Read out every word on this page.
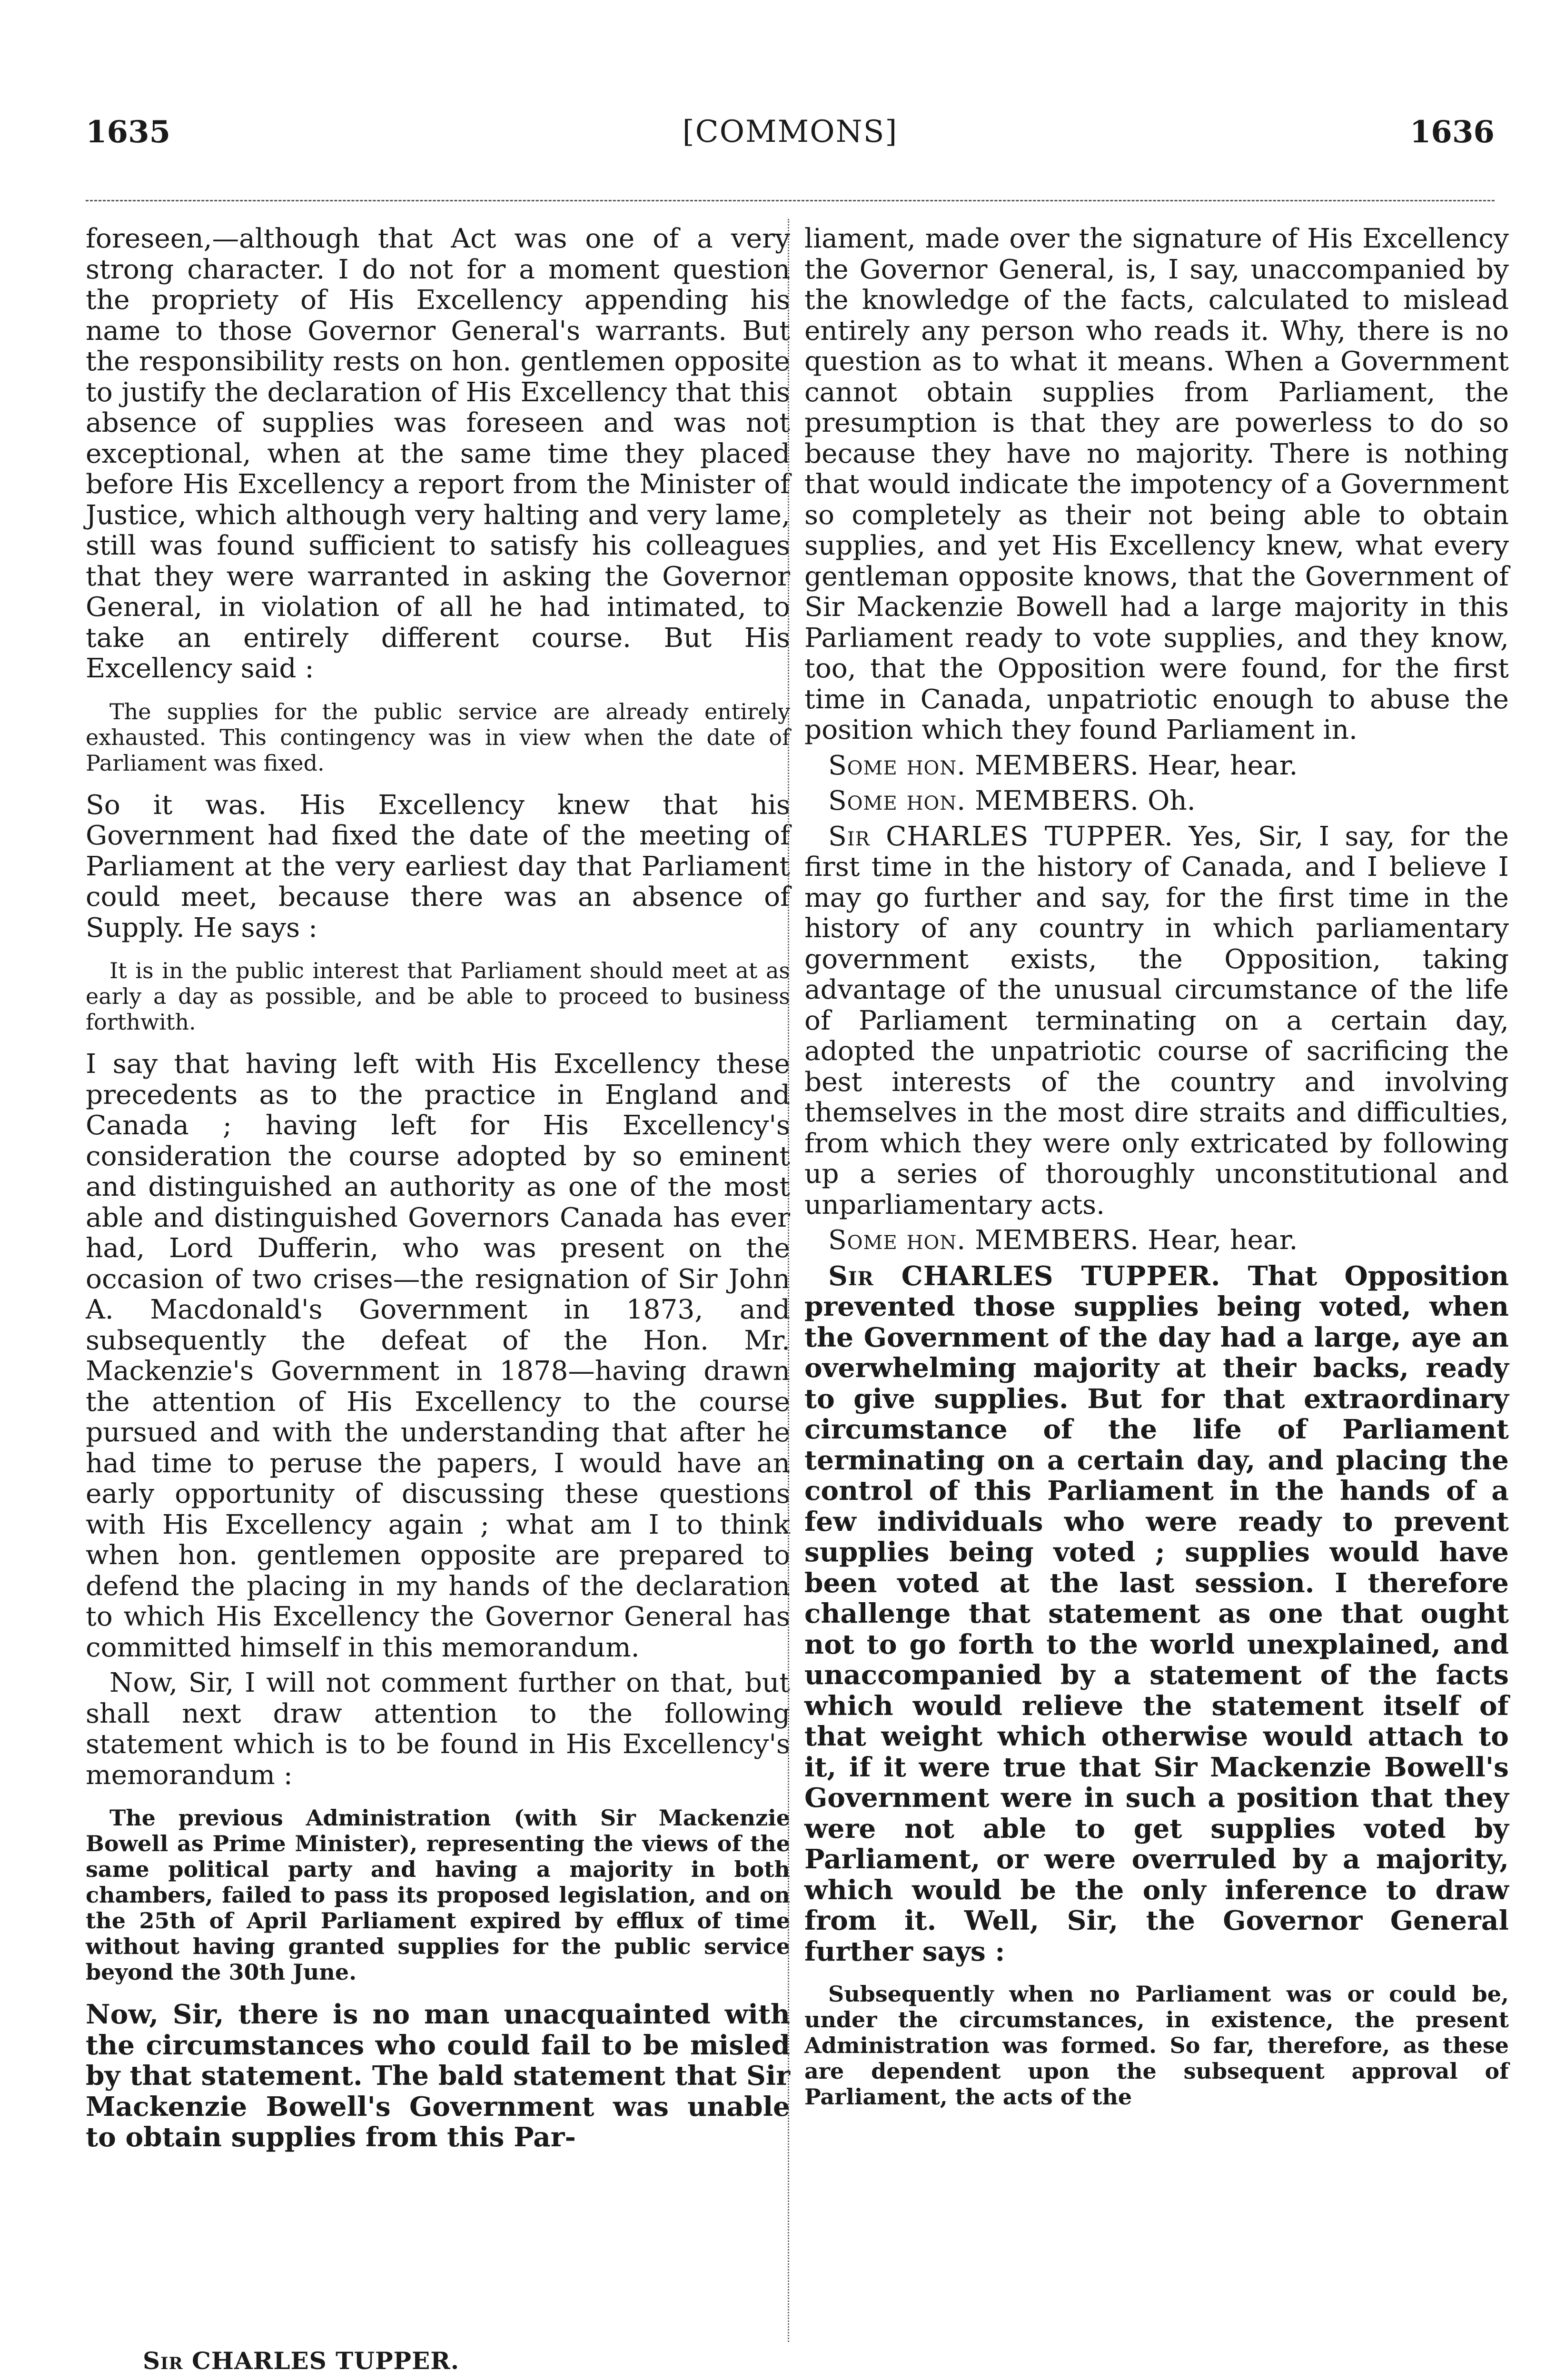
1635	[COMMONS]	1636

foreseen,—although that Act was one of a very strong character. I do not for a moment question the propriety of His Excellency appending his name to those Governor General's warrants. But the responsibility rests on hon. gentlemen opposite to justify the declaration of His Excellency that this absence of supplies was foreseen and was not exceptional, when at the same time they placed before His Excellency a report from the Minister of Justice, which although very halting and very lame, still was found sufficient to satisfy his colleagues that they were warranted in asking the Governor General, in violation of all he had intimated, to take an entirely different course. But His Excellency said :

The supplies for the public service are already entirely exhausted. This contingency was in view when the date of Parliament was fixed.

So it was. His Excellency knew that his Government had fixed the date of the meeting of Parliament at the very earliest day that Parliament could meet, because there was an absence of Supply. He says :

It is in the public interest that Parliament should meet at as early a day as possible, and be able to proceed to business forthwith.

I say that having left with His Excellency these precedents as to the practice in England and Canada ; having left for His Excellency's consideration the course adopted by so eminent and distinguished an authority as one of the most able and distinguished Governors Canada has ever had, Lord Dufferin, who was present on the occasion of two crises—the resignation of Sir John A. Macdonald's Government in 1873, and subsequently the defeat of the Hon. Mr. Mackenzie's Government in 1878—having drawn the attention of His Excellency to the course pursued and with the understanding that after he had time to peruse the papers, I would have an early opportunity of discussing these questions with His Excellency again ; what am I to think when hon. gentlemen opposite are prepared to defend the placing in my hands of the declaration to which His Excellency the Governor General has committed himself in this memorandum.

Now, Sir, I will not comment further on that, but shall next draw attention to the following statement which is to be found in His Excellency's memorandum :

The previous Administration (with Sir Mackenzie Bowell as Prime Minister), representing the views of the same political party and having a majority in both chambers, failed to pass its proposed legislation, and on the 25th of April Parliament expired by efflux of time without having granted supplies for the public service beyond the 30th June.

Now, Sir, there is no man unacquainted with the circumstances who could fail to be misled by that statement. The bald statement that Sir Mackenzie Bowell's Government was unable to obtain supplies from this Par-

liament, made over the signature of His Excellency the Governor General, is, I say, unaccompanied by the knowledge of the facts, calculated to mislead entirely any person who reads it. Why, there is no question as to what it means. When a Government cannot obtain supplies from Parliament, the presumption is that they are powerless to do so because they have no majority. There is nothing that would indicate the impotency of a Government so completely as their not being able to obtain supplies, and yet His Excellency knew, what every gentleman opposite knows, that the Government of Sir Mackenzie Bowell had a large majority in this Parliament ready to vote supplies, and they know, too, that the Opposition were found, for the first time in Canada, unpatriotic enough to abuse the position which they found Parliament in.

Some hon. MEMBERS. Hear, hear.

Some hon. MEMBERS. Oh.

Sir CHARLES TUPPER. Yes, Sir, I say, for the first time in the history of Canada, and I believe I may go further and say, for the first time in the history of any country in which parliamentary government exists, the Opposition, taking advantage of the unusual circumstance of the life of Parliament terminating on a certain day, adopted the unpatriotic course of sacrificing the best interests of the country and involving themselves in the most dire straits and difficulties, from which they were only extricated by following up a series of thoroughly unconstitutional and unparliamentary acts.

Some hon. MEMBERS. Hear, hear.

Sir CHARLES TUPPER. That Opposition prevented those supplies being voted, when the Government of the day had a large, aye an overwhelming majority at their backs, ready to give supplies. But for that extraordinary circumstance of the life of Parliament terminating on a certain day, and placing the control of this Parliament in the hands of a few individuals who were ready to prevent supplies being voted ; supplies would have been voted at the last session. I therefore challenge that statement as one that ought not to go forth to the world unexplained, and unaccompanied by a statement of the facts which would relieve the statement itself of that weight which otherwise would attach to it, if it were true that Sir Mackenzie Bowell's Government were in such a position that they were not able to get supplies voted by Parliament, or were overruled by a majority, which would be the only inference to draw from it. Well, Sir, the Governor General further says :

Subsequently when no Parliament was or could be, under the circumstances, in existence, the present Administration was formed. So far, therefore, as these are dependent upon the subsequent approval of Parliament, the acts of the

Sir CHARLES TUPPER.
